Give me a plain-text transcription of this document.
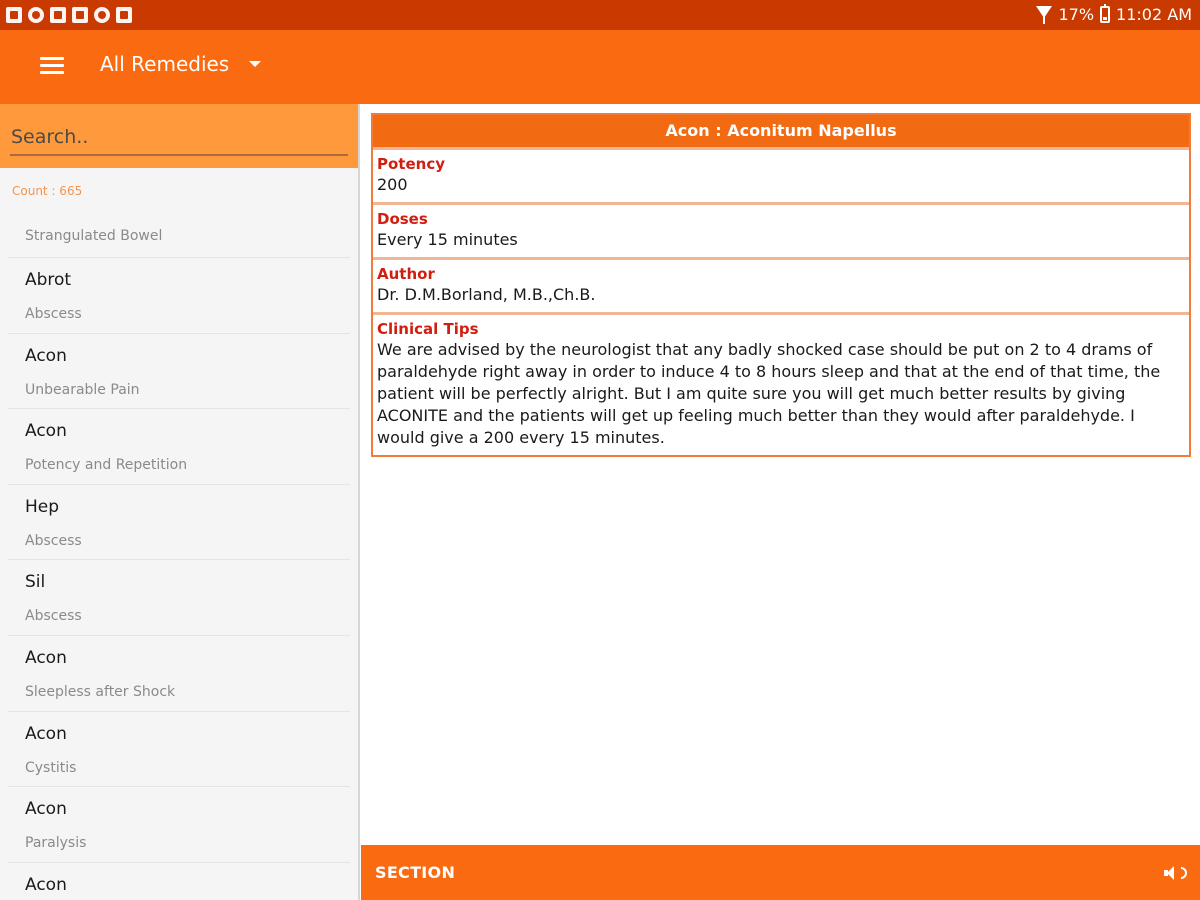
17% 11:02 AM
All Remedies
Search..
Count : 665
Strangulated Bowel
Abrot
Abscess
Acon
Unbearable Pain
Acon
Potency and Repetition
Hep
Abscess
Sil
Abscess
Acon
Sleepless after Shock
Acon
Cystitis
Acon
Paralysis
Acon
Acon : Aconitum Napellus
Potency
200
Doses
Every 15 minutes
Author
Dr. D.M.Borland, M.B.,Ch.B.
Clinical Tips
We are advised by the neurologist that any badly shocked case should be put on 2 to 4 drams of paraldehyde right away in order to induce 4 to 8 hours sleep and that at the end of that time, the patient will be perfectly alright. But I am quite sure you will get much better results by giving ACONITE and the patients will get up feeling much better than they would after paraldehyde. I would give a 200 every 15 minutes.
SECTION
